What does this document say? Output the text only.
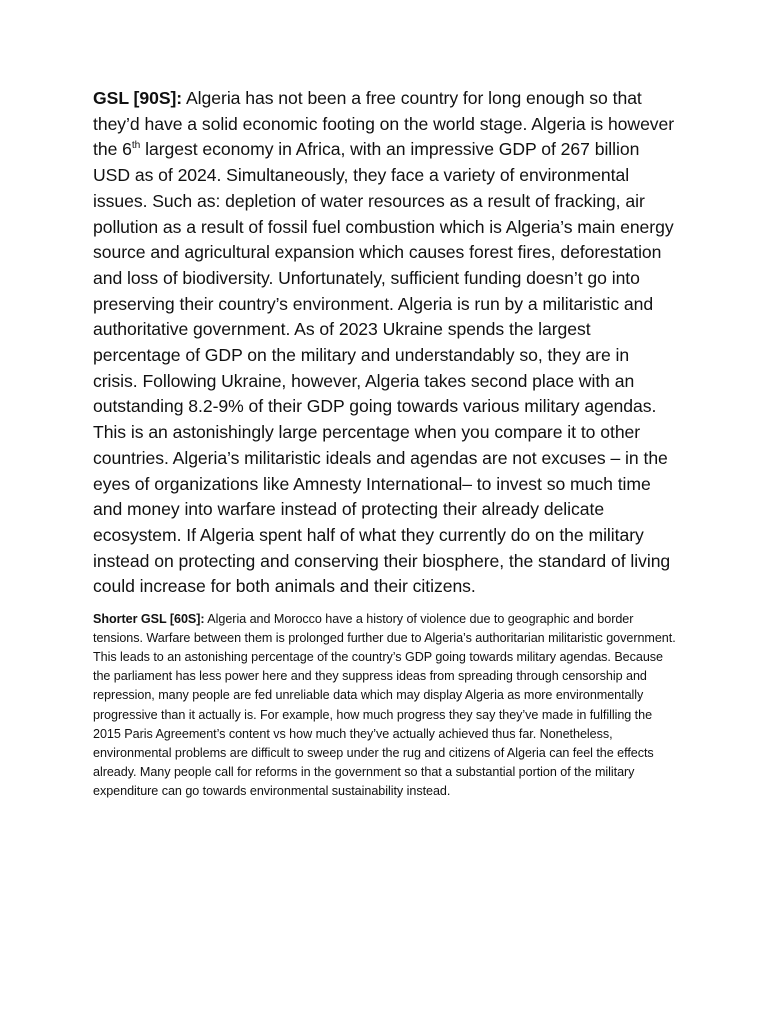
GSL [90S]: Algeria has not been a free country for long enough so that they’d have a solid economic footing on the world stage. Algeria is however the 6th largest economy in Africa, with an impressive GDP of 267 billion USD as of 2024. Simultaneously, they face a variety of environmental issues. Such as: depletion of water resources as a result of fracking, air pollution as a result of fossil fuel combustion which is Algeria’s main energy source and agricultural expansion which causes forest fires, deforestation and loss of biodiversity. Unfortunately, sufficient funding doesn’t go into preserving their country’s environment. Algeria is run by a militaristic and authoritative government. As of 2023 Ukraine spends the largest percentage of GDP on the military and understandably so, they are in crisis. Following Ukraine, however, Algeria takes second place with an outstanding 8.2-9% of their GDP going towards various military agendas. This is an astonishingly large percentage when you compare it to other countries. Algeria’s militaristic ideals and agendas are not excuses – in the eyes of organizations like Amnesty International– to invest so much time and money into warfare instead of protecting their already delicate ecosystem. If Algeria spent half of what they currently do on the military instead on protecting and conserving their biosphere, the standard of living could increase for both animals and their citizens.

Shorter GSL [60S]: Algeria and Morocco have a history of violence due to geographic and border tensions. Warfare between them is prolonged further due to Algeria’s authoritarian militaristic government. This leads to an astonishing percentage of the country’s GDP going towards military agendas. Because the parliament has less power here and they suppress ideas from spreading through censorship and repression, many people are fed unreliable data which may display Algeria as more environmentally progressive than it actually is. For example, how much progress they say they’ve made in fulfilling the 2015 Paris Agreement’s content vs how much they’ve actually achieved thus far. Nonetheless, environmental problems are difficult to sweep under the rug and citizens of Algeria can feel the effects already. Many people call for reforms in the government so that a substantial portion of the military expenditure can go towards environmental sustainability instead.
